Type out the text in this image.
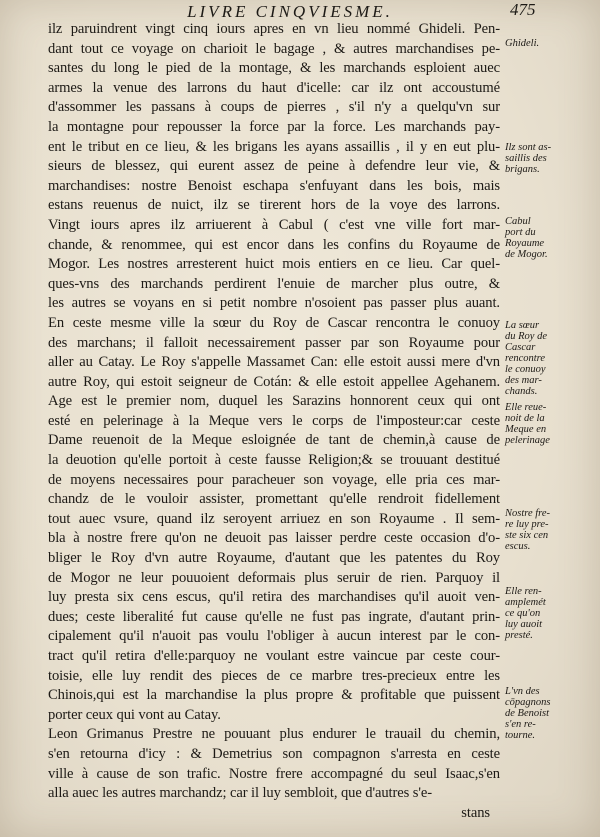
LIVRE CINQVIESME.	475
ilz paruindrent vingt cinq iours apres en vn lieu nommé Ghideli. Pen-
dant tout ce voyage on charioit le bagage , & autres marchandises pe-
santes du long le pied de la montage, & les marchands esploient auec
armes la venue des larrons du haut d'icelle: car ilz ont accoustumé
d'assommer les passans à coups de pierres , s'il n'y a quelqu'vn sur
la montagne pour repousser la force par la force. Les marchands pay-
ent le tribut en ce lieu, & les brigans les ayans assaillis , il y en eut plu-
sieurs de blessez, qui eurent assez de peine à defendre leur vie, &
marchandises: nostre Benoist eschapa s'enfuyant dans les bois, mais
estans reuenus de nuict, ilz se tirerent hors de la voye des larrons.
Vingt iours apres ilz arriuerent à Cabul ( c'est vne ville fort mar-
chande, & renommee, qui est encor dans les confins du Royaume de
Mogor. Les nostres arresterent huict mois entiers en ce lieu. Car quel-
ques-vns des marchands perdirent l'enuie de marcher plus outre, &
les autres se voyans en si petit nombre n'osoient pas passer plus auant.
En ceste mesme ville la sœur du Roy de Cascar rencontra le conuoy
des marchans; il falloit necessairement passer par son Royaume pour
aller au Catay. Le Roy s'appelle Massamet Can: elle estoit aussi mere d'vn
autre Roy, qui estoit seigneur de Cotán: & elle estoit appellee Agehanem.
Age est le premier nom, duquel les Sarazins honnorent ceux qui ont
esté en pelerinage à la Meque vers le corps de l'imposteur:car ceste
Dame reuenoit de la Meque esloignée de tant de chemin,à cause de
la deuotion qu'elle portoit à ceste fausse Religion;& se trouuant destitué
de moyens necessaires pour paracheuer son voyage, elle pria ces mar-
chandz de le vouloir assister, promettant qu'elle rendroit fidellement
tout auec vsure, quand ilz seroyent arriuez en son Royaume . Il sem-
bla à nostre frere qu'on ne deuoit pas laisser perdre ceste occasion d'o-
bliger le Roy d'vn autre Royaume, d'autant que les patentes du Roy
de Mogor ne leur pouuoient deformais plus seruir de rien. Parquoy il
luy presta six cens escus, qu'il retira des marchandises qu'il auoit ven-
dues; ceste liberalité fut cause qu'elle ne fust pas ingrate, d'autant prin-
cipalement qu'il n'auoit pas voulu l'obliger à aucun interest par le con-
tract qu'il retira d'elle:parquoy ne voulant estre vaincue par ceste cour-
toisie, elle luy rendit des pieces de ce marbre tres-precieux entre les
Chinois,qui est la marchandise la plus propre & profitable que puissent
porter ceux qui vont au Catay.
Leon Grimanus Prestre ne pouuant plus endurer le trauail du chemin,
s'en retourna d'icy : & Demetrius son compagnon s'arresta en ceste
ville à cause de son trafic. Nostre frere accompagné du seul Isaac,s'en
alla auec les autres marchandz; car il luy sembloit, que d'autres s'e-
stans
Ghideli.
Ilz sont as-
saillis des
brigans.
Cabul
port du
Royaume
de Mogor.
La sœur
du Roy de
Cascar
rencontre
le conuoy
des mar-
chands.
Elle reue-
noit de la
Meque en
pelerinage
Nostre fre-
re luy pre-
ste six cen
escus.
Elle ren-
amplemét
ce qu'on
luy auoit
presté.
L'vn des
cōpagnons
de Benoist
s'en re-
tourne.
